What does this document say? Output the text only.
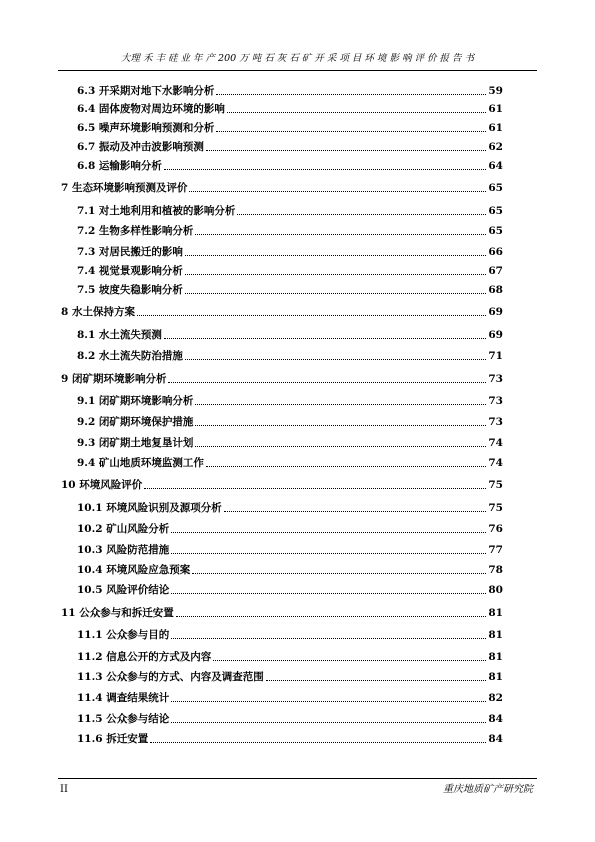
大理 禾 丰 硅 业 年 产 200 万 吨 石 灰 石 矿 开 采 项 目 环 境 影 响 评 价 报 告 书
6.3 开采期对地下水影响分析	59
6.4 固体废物对周边环境的影响	61
6.5 噪声环境影响预测和分析	61
6.7 振动及冲击波影响预测	62
6.8 运输影响分析	64
7 生态环境影响预测及评价	65
7.1 对土地利用和植被的影响分析	65
7.2 生物多样性影响分析	65
7.3 对居民搬迁的影响	66
7.4 视觉景观影响分析	67
7.5 坡度失稳影响分析	68
8 水土保持方案	69
8.1 水土流失预测	69
8.2 水土流失防治措施	71
9 闭矿期环境影响分析	73
9.1 闭矿期环境影响分析	73
9.2 闭矿期环境保护措施	73
9.3 闭矿期土地复垦计划	74
9.4 矿山地质环境监测工作	74
10 环境风险评价	75
10.1 环境风险识别及源项分析	75
10.2 矿山风险分析	76
10.3 风险防范措施	77
10.4 环境风险应急预案	78
10.5 风险评价结论	80
11 公众参与和拆迁安置	81
11.1 公众参与目的	81
11.2 信息公开的方式及内容	81
11.3 公众参与的方式、内容及调查范围	81
11.4 调查结果统计	82
11.5 公众参与结论	84
11.6 拆迁安置	84
II	重庆地质矿产研究院
